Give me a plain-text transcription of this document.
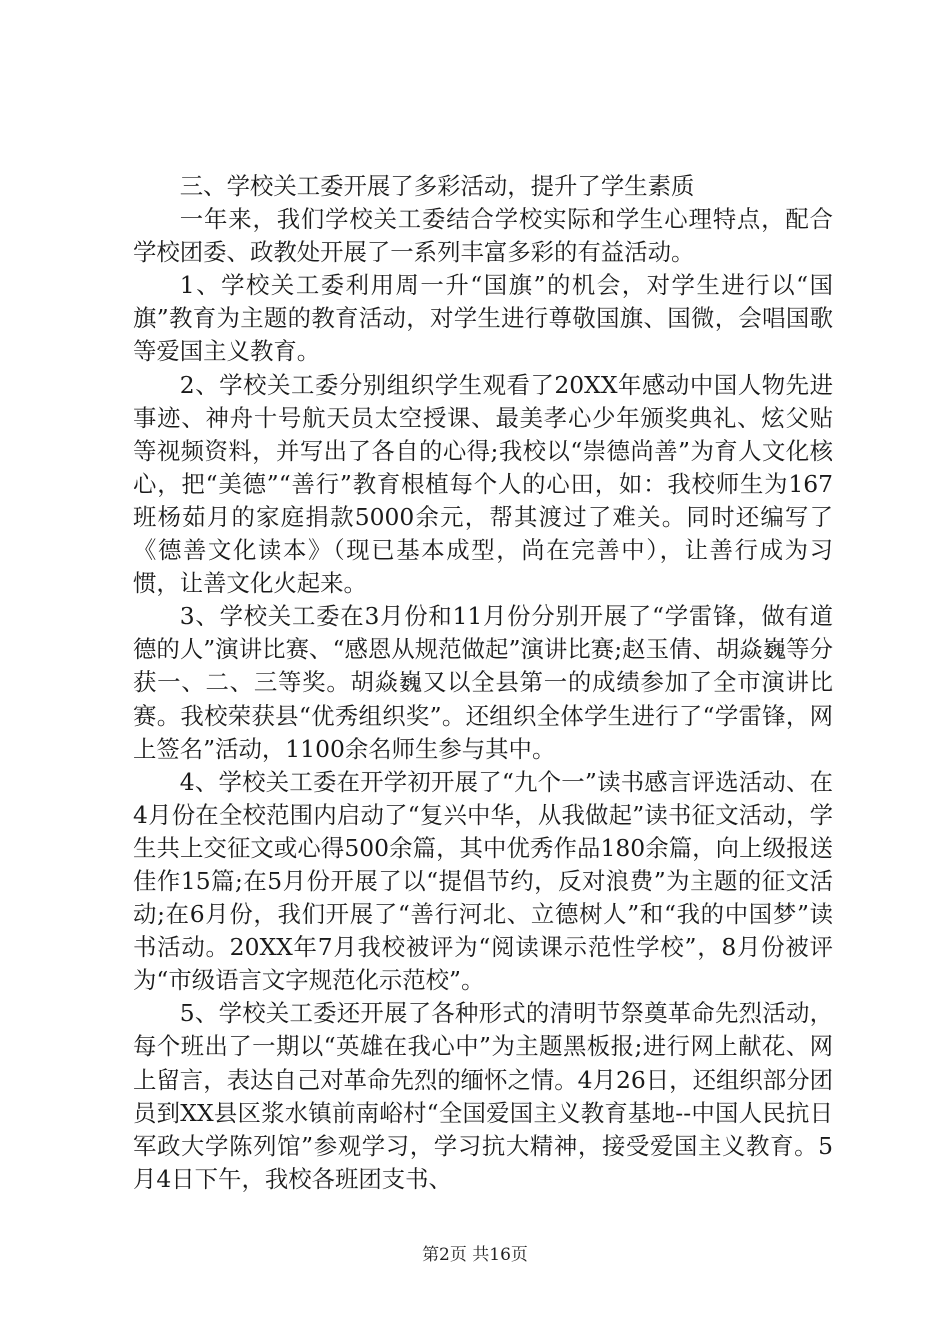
三、学校关工委开展了多彩活动，提升了学生素质

一年来，我们学校关工委结合学校实际和学生心理特点，配合学校团委、政教处开展了一系列丰富多彩的有益活动。

1、学校关工委利用周一升“国旗”的机会，对学生进行以“国旗”教育为主题的教育活动，对学生进行尊敬国旗、国微，会唱国歌等爱国主义教育。

2、学校关工委分别组织学生观看了20XX年感动中国人物先进事迹、神舟十号航天员太空授课、最美孝心少年颁奖典礼、炫父贴等视频资料，并写出了各自的心得;我校以“崇德尚善”为育人文化核心，把“美德”“善行”教育根植每个人的心田，如：我校师生为167班杨茹月的家庭捐款5000余元，帮其渡过了难关。同时还编写了《德善文化读本》（现已基本成型，尚在完善中），让善行成为习惯，让善文化火起来。

3、学校关工委在3月份和11月份分别开展了“学雷锋，做有道德的人”演讲比赛、“感恩从规范做起”演讲比赛;赵玉倩、胡焱巍等分获一、二、三等奖。胡焱巍又以全县第一的成绩参加了全市演讲比赛。我校荣获县“优秀组织奖”。还组织全体学生进行了“学雷锋，网上签名”活动，1100余名师生参与其中。

4、学校关工委在开学初开展了“九个一”读书感言评选活动、在4月份在全校范围内启动了“复兴中华，从我做起”读书征文活动，学生共上交征文或心得500余篇，其中优秀作品180余篇，向上级报送佳作15篇;在5月份开展了以“提倡节约，反对浪费”为主题的征文活动;在6月份，我们开展了“善行河北、立德树人”和“我的中国梦”读书活动。20XX年7月我校被评为“阅读课示范性学校”，8月份被评为“市级语言文字规范化示范校”。

5、学校关工委还开展了各种形式的清明节祭奠革命先烈活动，每个班出了一期以“英雄在我心中”为主题黑板报;进行网上献花、网上留言，表达自己对革命先烈的缅怀之情。4月26日，还组织部分团员到XX县区浆水镇前南峪村“全国爱国主义教育基地--中国人民抗日军政大学陈列馆”参观学习，学习抗大精神，接受爱国主义教育。5月4日下午，我校各班团支书、

第2页 共16页
